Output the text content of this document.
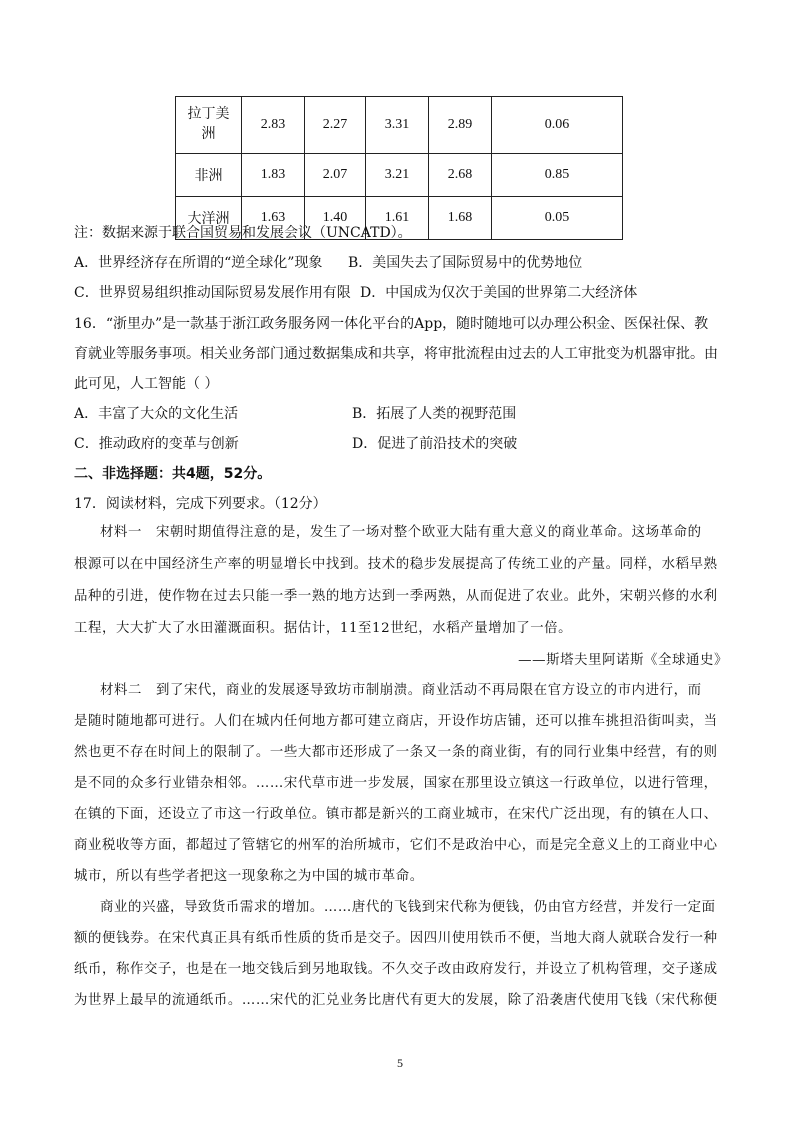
拉丁美洲	2.83	2.27	3.31	2.89	0.06
非洲	1.83	2.07	3.21	2.68	0.85
大洋洲	1.63	1.40	1.61	1.68	0.05
注：数据来源于联合国贸易和发展会议（UNCATD）。
A．世界经济存在所谓的“逆全球化”现象 B．美国失去了国际贸易中的优势地位
C．世界贸易组织推动国际贸易发展作用有限 D．中国成为仅次于美国的世界第二大经济体
16．“浙里办”是一款基于浙江政务服务网一体化平台的App，随时随地可以办理公积金、医保社保、教
育就业等服务事项。相关业务部门通过数据集成和共享，将审批流程由过去的人工审批变为机器审批。由
此可见，人工智能（ ）
A．丰富了大众的文化生活	B．拓展了人类的视野范围
C．推动政府的变革与创新	D．促进了前沿技术的突破
二、非选择题：共4题，52分。
17．阅读材料，完成下列要求。（12分）
材料一　宋朝时期值得注意的是，发生了一场对整个欧亚大陆有重大意义的商业革命。这场革命的
根源可以在中国经济生产率的明显增长中找到。技术的稳步发展提高了传统工业的产量。同样，水稻早熟
品种的引进，使作物在过去只能一季一熟的地方达到一季两熟，从而促进了农业。此外，宋朝兴修的水利
工程，大大扩大了水田灌溉面积。据估计，11至12世纪，水稻产量增加了一倍。
——斯塔夫里阿诺斯《全球通史》
材料二　到了宋代，商业的发展逐导致坊市制崩溃。商业活动不再局限在官方设立的市内进行，而
是随时随地都可进行。人们在城内任何地方都可建立商店，开设作坊店铺，还可以推车挑担沿街叫卖，当
然也更不存在时间上的限制了。一些大都市还形成了一条又一条的商业街，有的同行业集中经营，有的则
是不同的众多行业错杂相邻。……宋代草市进一步发展，国家在那里设立镇这一行政单位，以进行管理，
在镇的下面，还设立了市这一行政单位。镇市都是新兴的工商业城市，在宋代广泛出现，有的镇在人口、
商业税收等方面，都超过了管辖它的州军的治所城市，它们不是政治中心，而是完全意义上的工商业中心
城市，所以有些学者把这一现象称之为中国的城市革命。
商业的兴盛，导致货币需求的增加。……唐代的飞钱到宋代称为便钱，仍由官方经营，并发行一定面
额的便钱券。在宋代真正具有纸币性质的货币是交子。因四川使用铁币不便，当地大商人就联合发行一种
纸币，称作交子，也是在一地交钱后到另地取钱。不久交子改由政府发行，并设立了机构管理，交子遂成
为世界上最早的流通纸币。……宋代的汇兑业务比唐代有更大的发展，除了沿袭唐代使用飞钱（宋代称便
5
